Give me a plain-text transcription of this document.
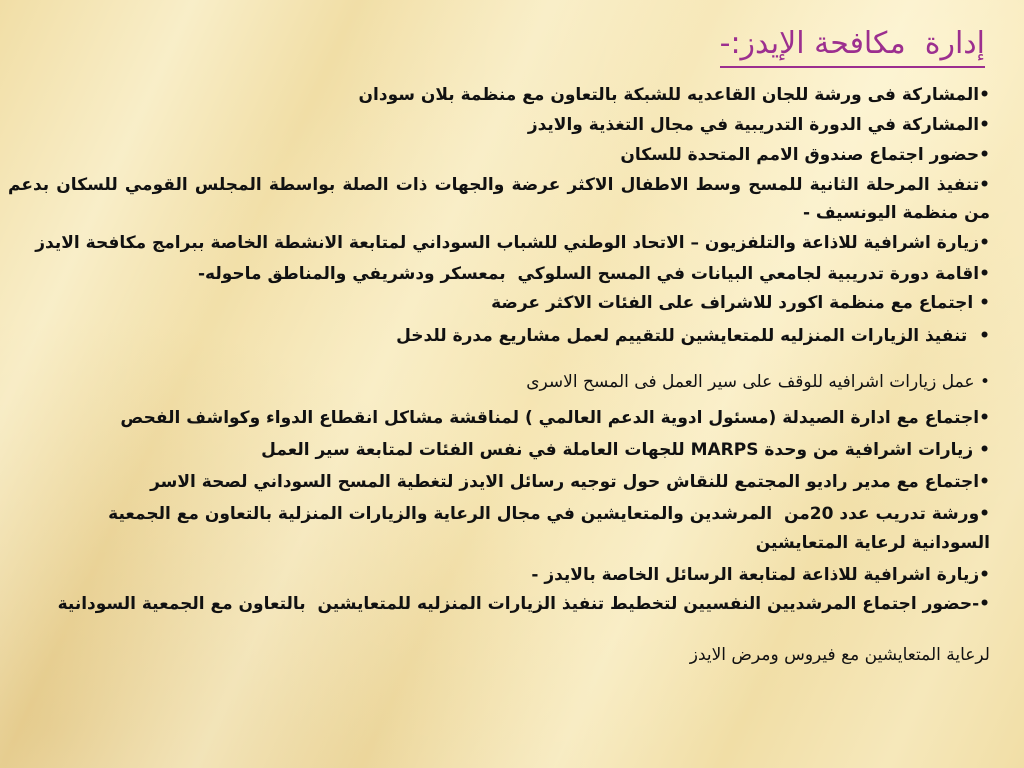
إدارة  مكافحة الإيدز:-
•المشاركة فى ورشة للجان القاعديه للشبكة بالتعاون مع منظمة بلان سودان
•المشاركة في الدورة التدريبية في مجال التغذية والايدز
•حضور اجتماع صندوق الامم المتحدة للسكان
•تنفيذ المرحلة الثانية للمسح وسط الاطفال الاكثر عرضة والجهات ذات الصلة بواسطة المجلس القومي للسكان بدعم من منظمة اليونسيف -
•زيارة اشرافية للاذاعة والتلفزيون – الاتحاد الوطني للشباب السوداني لمتابعة الانشطة الخاصة ببرامج مكافحة الايدز
•اقامة دورة تدريبية لجامعي البيانات في المسح السلوكي  بمعسكر ودشريفي والمناطق ماحوله-
• اجتماع مع منظمة اكورد للاشراف على الفئات الاكثر عرضة
•  تنفيذ الزيارات المنزليه للمتعايشين للتقييم لعمل مشاريع مدرة للدخل
• عمل زيارات اشرافيه للوقف على سير العمل فى المسح الاسرى
•اجتماع مع ادارة الصيدلة (مسئول ادوية الدعم العالمي ) لمناقشة مشاكل انقطاع الدواء وكواشف الفحص
• زيارات اشرافية من وحدة MARPS للجهات العاملة في نفس الفئات لمتابعة سير العمل
•اجتماع مع مدير راديو المجتمع للنقاش حول توجيه رسائل الايدز لتغطية المسح السوداني لصحة الاسر
•ورشة تدريب عدد 20من  المرشدين والمتعايشين في مجال الرعاية والزيارات المنزلية بالتعاون مع الجمعية السودانية لرعاية المتعايشين
•زيارة اشرافية للاذاعة لمتابعة الرسائل الخاصة بالايدز -
•-حضور اجتماع المرشديين النفسيين لتخطيط تنفيذ الزيارات المنزليه للمتعايشين  بالتعاون مع الجمعية السودانية
لرعاية المتعايشين مع فيروس ومرض الايدز
